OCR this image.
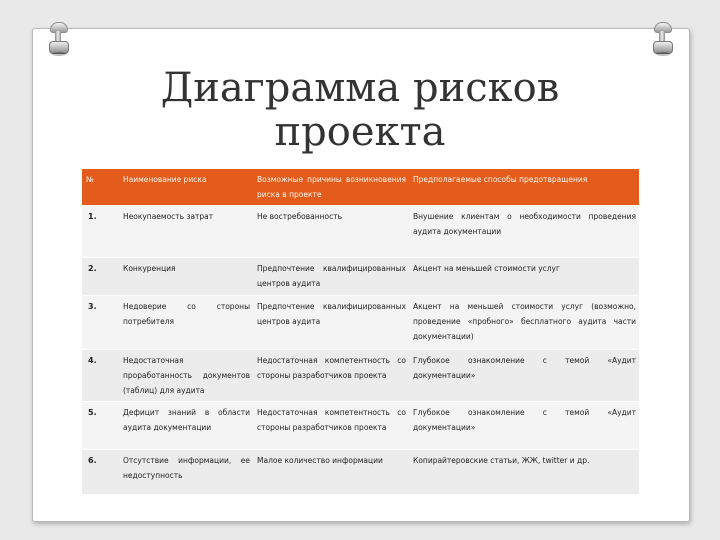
Диаграмма рисков
проекта
№	Наименование риска	Возможные причины возникновения риска в проекте	Предполагаемые способы предотвращения
1.	Неокупаемость затрат	Не востребованность	Внушение клиентам о необходимости проведения аудита документации
2.	Конкуренция	Предпочтение квалифицированных центров аудита	Акцент на меньшей стоимости услуг
3.	Недоверие со стороны потребителя	Предпочтение квалифицированных центров аудита	Акцент на меньшей стоимости услуг (возможно, проведение «пробного» бесплатного аудита части документации)
4.	Недостаточная проработанность документов (таблиц) для аудита	Недостаточная компетентность со стороны разработчиков проекта	Глубокое ознакомление с темой «Аудит документации»
5.	Дефицит знаний в области аудита документации	Недостаточная компетентность со стороны разработчиков проекта	Глубокое ознакомление с темой «Аудит документации»
6.	Отсутствие информации, ее недоступность	Малое количество информации	Копирайтеровские статьи, ЖЖ, twitter и др.
